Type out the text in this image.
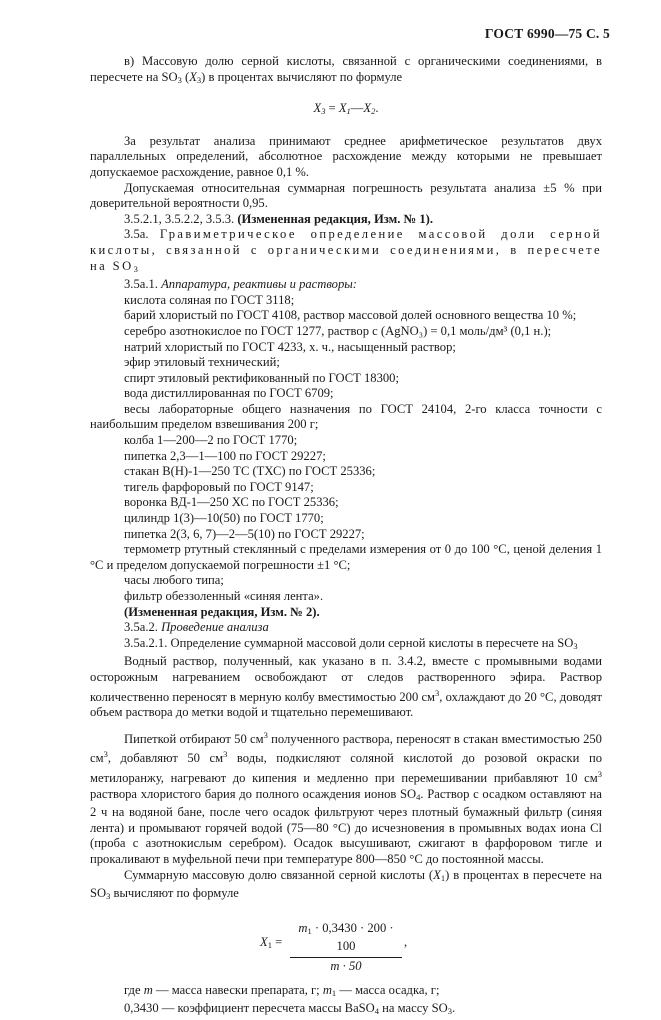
ГОСТ 6990—75 С. 5

в) Массовую долю серной кислоты, связанной с органическими соединениями, в пересчете на $SO_3$ $(X_3)$ в процентах вычисляют по формуле

$X_3$ = $X_1—X_2$.

За результат анализа принимают среднее арифметическое результатов двух параллельных определений, абсолютное расхождение между которыми не превышает допускаемое расхождение, равное 0,1 %.

Допускаемая относительная суммарная погрешность результата анализа ±5 % при доверительной вероятности 0,95.

3.5.2.1, 3.5.2.2, 3.5.3. (Измененная редакция, Изм. № 1).

3.5а. Гравиметрическое определение массовой доли серной кислоты, связанной с органическими соединениями, в пересчете на $SO_3$

3.5а.1. Аппаратура, реактивы и растворы:

кислота соляная по ГОСТ 3118;

барий хлористый по ГОСТ 4108, раствор массовой долей основного вещества 10 %;

серебро азотнокислое по ГОСТ 1277, раствор с (AgNO₃) = 0,1 моль/дм³ (0,1 н.);

натрий хлористый по ГОСТ 4233, х. ч., насыщенный раствор;

эфир этиловый технический;

спирт этиловый ректификованный по ГОСТ 18300;

вода дистиллированная по ГОСТ 6709;

весы лабораторные общего назначения по ГОСТ 24104, 2-го класса точности с наибольшим пределом взвешивания 200 г;

колба 1—200—2 по ГОСТ 1770;

пипетка 2,3—1—100 по ГОСТ 29227;

стакан В(Н)-1—250 ТС (ТХС) по ГОСТ 25336;

тигель фарфоровый по ГОСТ 9147;

воронка ВД-1—250 ХС по ГОСТ 25336;

цилиндр 1(3)—10(50) по ГОСТ 1770;

пипетка 2(3, 6, 7)—2—5(10) по ГОСТ 29227;

термометр ртутный стеклянный с пределами измерения от 0 до 100 °С, ценой деления 1 °С и пределом допускаемой погрешности ±1 °С;

часы любого типа;

фильтр обеззоленный «синяя лента».

(Измененная редакция, Изм. № 2).

3.5а.2. Проведение анализа

3.5а.2.1. Определение суммарной массовой доли серной кислоты в пересчете на $SO_3$

Водный раствор, полученный, как указано в п. 3.4.2, вместе с промывными водами осторожным нагреванием освобождают от следов растворенного эфира. Раствор количественно переносят в мерную колбу вместимостью 200 $см^3$, охлаждают до 20 °С, доводят объем раствора до метки водой и тщательно перемешивают.

Пипеткой отбирают 50 $см^3$ полученного раствора, переносят в стакан вместимостью 250 $см^3$, добавляют 50 $см^3$ воды, подкисляют соляной кислотой до розовой окраски по метилоранжу, нагревают до кипения и медленно при перемешивании прибавляют 10 $см^3$ раствора хлористого бария до полного осаждения ионов $SO_4$. Раствор с осадком оставляют на 2 ч на водяной бане, после чего осадок фильтруют через плотный бумажный фильтр (синяя лента) и промывают горячей водой (75—80 °С) до исчезновения в промывных водах иона Cl (проба с азотнокислым серебром). Осадок высушивают, сжигают в фарфоровом тигле и прокаливают в муфельной печи при температуре 800—850 °С до постоянной массы.

Суммарную массовую долю связанной серной кислоты $(X_1)$ в процентах в пересчете на $SO_3$ вычисляют по формуле

$X_1$ =
$m_1 \cdot 0,3430 \cdot 200 \cdot 100$
m · 50
,

где m — масса навески препарата, г; $m_1$ — масса осадка, г;

0,3430 — коэффициент пересчета массы BaSO$_4$ на массу $SO_3$.
